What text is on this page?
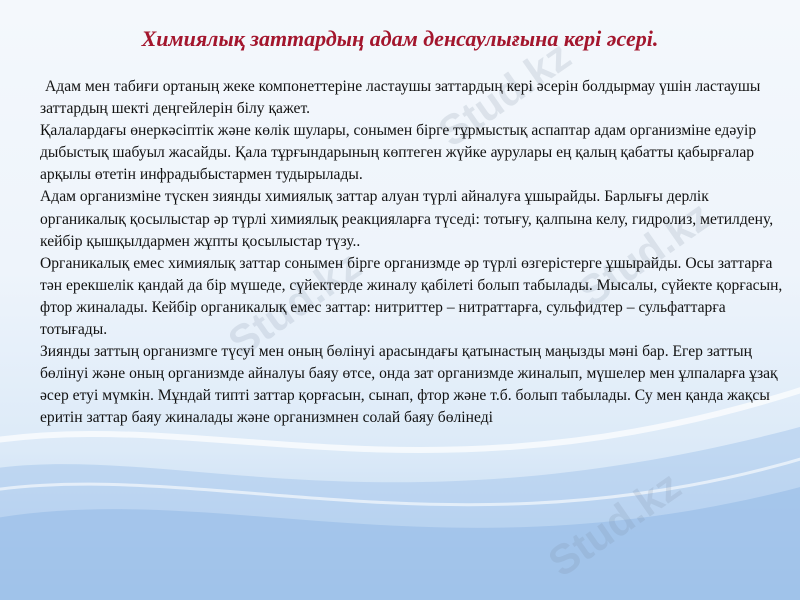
Stud.kz
Stud.kz	Stud.kz
Stud.kz
Химиялық заттардың адам денсаулығына кері әсері.

Адам мен табиғи ортаның жеке компонеттеріне ластаушы заттардың кері әсерін болдырмау үшін ластаушы заттардың шекті деңгейлерін білу қажет.

Қалалардағы өнеркәсіптік және көлік шулары, сонымен бірге тұрмыстық аспаптар адам организміне едәуір дыбыстық шабуыл жасайды. Қала тұрғындарының көптеген жүйке аурулары ең қалың қабатты қабырғалар арқылы өтетін инфрадыбыстармен тудырылады.

Адам организміне түскен зиянды химиялық заттар алуан түрлі айналуға ұшырайды. Барлығы дерлік органикалық қосылыстар әр түрлі химиялық реакцияларға түседі: тотығу, қалпына келу, гидролиз, метилдену, кейбір қышқылдармен жұпты қосылыстар түзу..

Органикалық емес химиялық заттар сонымен бірге организмде әр түрлі өзгерістерге ұшырайды. Осы заттарға тән ерекшелік қандай да бір мүшеде, сүйектерде жиналу қабілеті болып табылады. Мысалы, сүйекте қорғасын, фтор жиналады. Кейбір органикалық емес заттар: нитриттер – нитраттарға, сульфидтер – сульфаттарға тотығады.

Зиянды заттың организмге түсуі мен оның бөлінуі арасындағы қатынастың маңызды мәні бар. Егер заттың бөлінуі және оның организмде айналуы баяу өтсе, онда зат организмде жиналып, мүшелер мен ұлпаларға ұзақ әсер етуі мүмкін. Мұндай типті заттар қорғасын, сынап, фтор және т.б. болып табылады. Су мен қанда жақсы еритін заттар баяу жиналады және организмнен солай баяу бөлінеді
